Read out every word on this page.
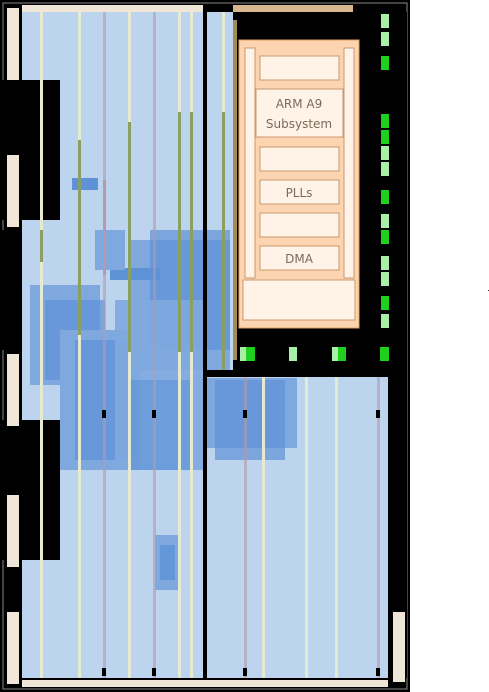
ARM A9
Subsystem
PLLs
DMA
